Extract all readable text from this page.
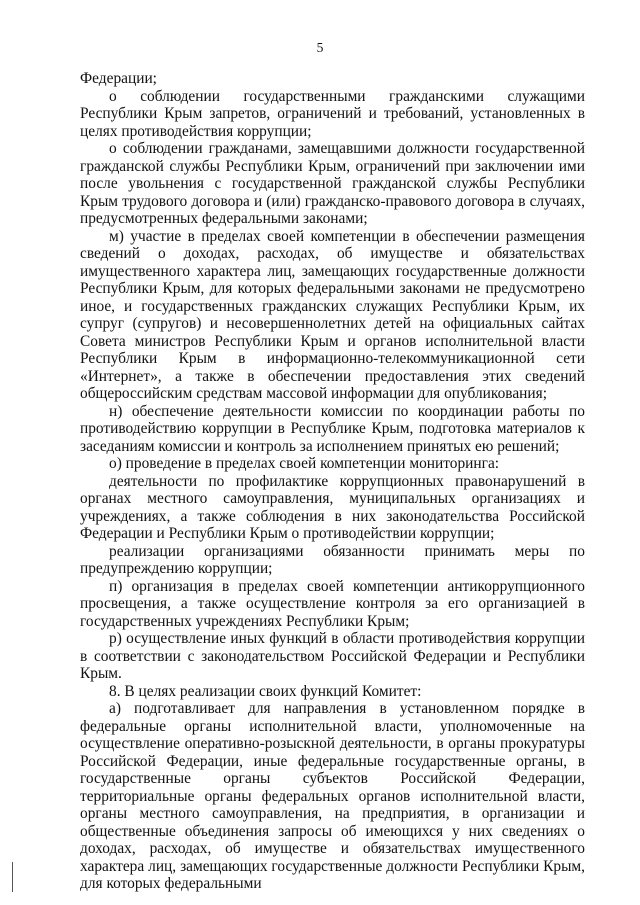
5

Федерации;

о соблюдении государственными гражданскими служащими Республики Крым запретов, ограничений и требований, установленных в целях противодействия коррупции;

о соблюдении гражданами, замещавшими должности государственной гражданской службы Республики Крым, ограничений при заключении ими после увольнения с государственной гражданской службы Республики Крым трудового договора и (или) гражданско-правового договора в случаях, предусмотренных федеральными законами;

м) участие в пределах своей компетенции в обеспечении размещения сведений о доходах, расходах, об имуществе и обязательствах имущественного характера лиц, замещающих государственные должности Республики Крым, для которых федеральными законами не предусмотрено иное, и государственных гражданских служащих Республики Крым, их супруг (супругов) и несовершеннолетних детей на официальных сайтах Совета министров Республики Крым и органов исполнительной власти Республики Крым в информационно-телекоммуникационной сети «Интернет», а также в обеспечении предоставления этих сведений общероссийским средствам массовой информации для опубликования;

н) обеспечение деятельности комиссии по координации работы по противодействию коррупции в Республике Крым, подготовка материалов к заседаниям комиссии и контроль за исполнением принятых ею решений;

о) проведение в пределах своей компетенции мониторинга:

деятельности по профилактике коррупционных правонарушений в органах местного самоуправления, муниципальных организациях и учреждениях, а также соблюдения в них законодательства Российской Федерации и Республики Крым о противодействии коррупции;

реализации организациями обязанности принимать меры по предупреждению коррупции;

п) организация в пределах своей компетенции антикоррупционного просвещения, а также осуществление контроля за его организацией в государственных учреждениях Республики Крым;

р) осуществление иных функций в области противодействия коррупции в соответствии с законодательством Российской Федерации и Республики Крым.

8. В целях реализации своих функций Комитет:

а) подготавливает для направления в установленном порядке в федеральные органы исполнительной власти, уполномоченные на осуществление оперативно-розыскной деятельности, в органы прокуратуры Российской Федерации, иные федеральные государственные органы, в государственные органы субъектов Российской Федерации, территориальные органы федеральных органов исполнительной власти, органы местного самоуправления, на предприятия, в организации и общественные объединения запросы об имеющихся у них сведениях о доходах, расходах, об имуществе и обязательствах имущественного характера лиц, замещающих государственные должности Республики Крым, для которых федеральными
